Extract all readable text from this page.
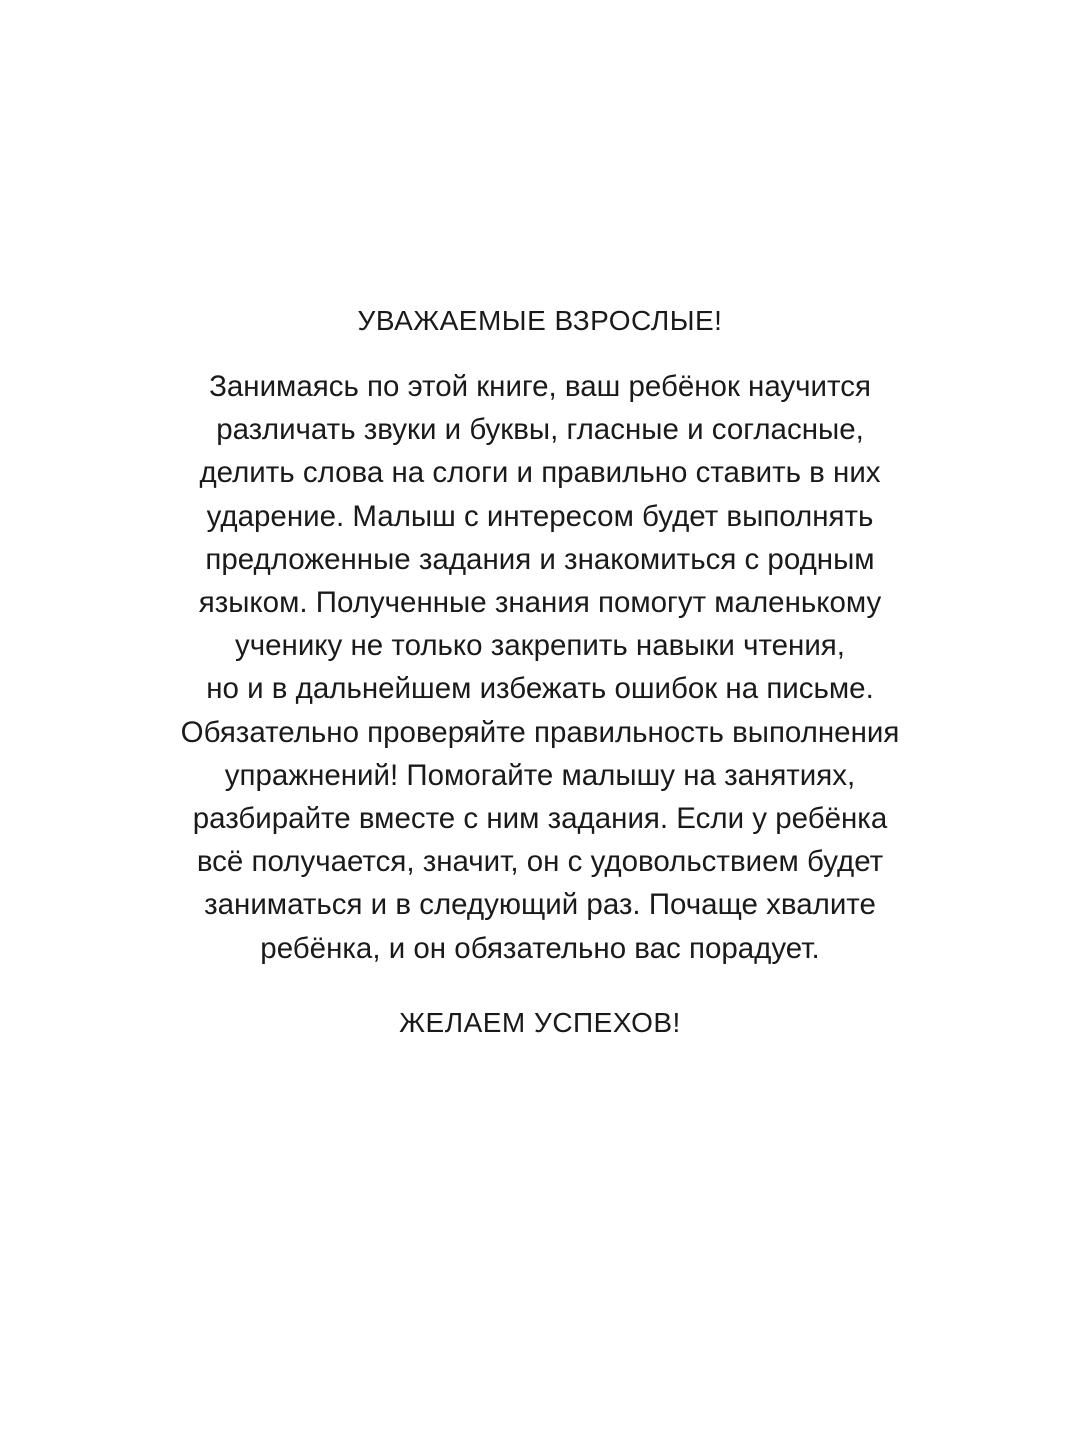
УВАЖАЕМЫЕ ВЗРОСЛЫЕ!
Занимаясь по этой книге, ваш ребёнок научится
различать звуки и буквы, гласные и согласные,
делить слова на слоги и правильно ставить в них
ударение. Малыш с интересом будет выполнять
предложенные задания и знакомиться с родным
языком. Полученные знания помогут маленькому
ученику не только закрепить навыки чтения,
но и в дальнейшем избежать ошибок на письме.
Обязательно проверяйте правильность выполнения
упражнений! Помогайте малышу на занятиях,
разбирайте вместе с ним задания. Если у ребёнка
всё получается, значит, он с удовольствием будет
заниматься и в следующий раз. Почаще хвалите
ребёнка, и он обязательно вас порадует.
ЖЕЛАЕМ УСПЕХОВ!
